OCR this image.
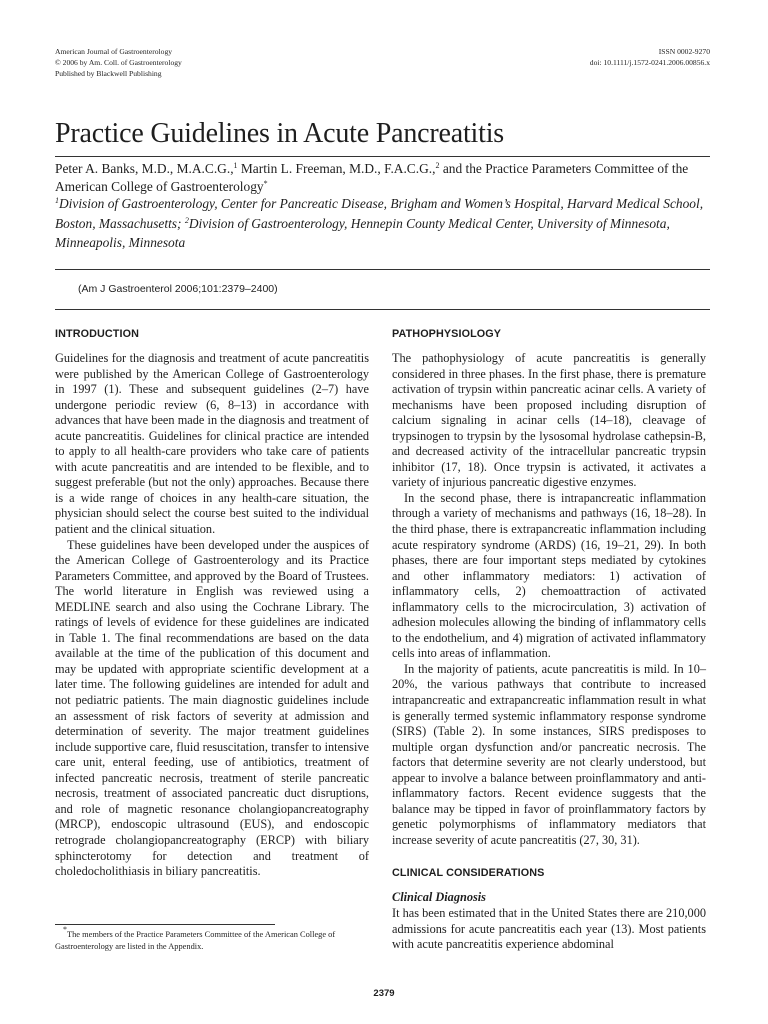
American Journal of Gastroenterology
© 2006 by Am. Coll. of Gastroenterology
Published by Blackwell Publishing
ISSN 0002-9270
doi: 10.1111/j.1572-0241.2006.00856.x
Practice Guidelines in Acute Pancreatitis
Peter A. Banks, M.D., M.A.C.G.,$^1$ Martin L. Freeman, M.D., F.A.C.G.,$^2$ and the Practice Parameters Committee of the American College of Gastroenterology*
$^1$Division of Gastroenterology, Center for Pancreatic Disease, Brigham and Women’s Hospital, Harvard Medical School, Boston, Massachusetts; $^2$Division of Gastroenterology, Hennepin County Medical Center, University of Minnesota, Minneapolis, Minnesota
(Am J Gastroenterol 2006;101:2379–2400)
INTRODUCTION

Guidelines for the diagnosis and treatment of acute pancreatitis were published by the American College of Gastroenterology in 1997 (1). These and subsequent guidelines (2–7) have undergone periodic review (6, 8–13) in accordance with advances that have been made in the diagnosis and treatment of acute pancreatitis. Guidelines for clinical practice are intended to apply to all health-care providers who take care of patients with acute pancreatitis and are intended to be flexible, and to suggest preferable (but not the only) approaches. Because there is a wide range of choices in any health-care situation, the physician should select the course best suited to the individual patient and the clinical situation.

These guidelines have been developed under the auspices of the American College of Gastroenterology and its Practice Parameters Committee, and approved by the Board of Trustees. The world literature in English was reviewed using a MEDLINE search and also using the Cochrane Library. The ratings of levels of evidence for these guidelines are indicated in Table 1. The final recommendations are based on the data available at the time of the publication of this document and may be updated with appropriate scientific development at a later time. The following guidelines are intended for adult and not pediatric patients. The main diagnostic guidelines include an assessment of risk factors of severity at admission and determination of severity. The major treatment guidelines include supportive care, fluid resuscitation, transfer to intensive care unit, enteral feeding, use of antibiotics, treatment of infected pancreatic necrosis, treatment of sterile pancreatic necrosis, treatment of associated pancreatic duct disruptions, and role of magnetic resonance cholangiopancreatography (MRCP), endoscopic ultrasound (EUS), and endoscopic retrograde cholangiopancreatography (ERCP) with biliary sphincterotomy for detection and treatment of choledocholithiasis in biliary pancreatitis.

PATHOPHYSIOLOGY

The pathophysiology of acute pancreatitis is generally considered in three phases. In the first phase, there is premature activation of trypsin within pancreatic acinar cells. A variety of mechanisms have been proposed including disruption of calcium signaling in acinar cells (14–18), cleavage of trypsinogen to trypsin by the lysosomal hydrolase cathepsin-B, and decreased activity of the intracellular pancreatic trypsin inhibitor (17, 18). Once trypsin is activated, it activates a variety of injurious pancreatic digestive enzymes.

In the second phase, there is intrapancreatic inflammation through a variety of mechanisms and pathways (16, 18–28). In the third phase, there is extrapancreatic inflammation including acute respiratory syndrome (ARDS) (16, 19–21, 29). In both phases, there are four important steps mediated by cytokines and other inflammatory mediators: 1) activation of inflammatory cells, 2) chemoattraction of activated inflammatory cells to the microcirculation, 3) activation of adhesion molecules allowing the binding of inflammatory cells to the endothelium, and 4) migration of activated inflammatory cells into areas of inflammation.

In the majority of patients, acute pancreatitis is mild. In 10–20%, the various pathways that contribute to increased intrapancreatic and extrapancreatic inflammation result in what is generally termed systemic inflammatory response syndrome (SIRS) (Table 2). In some instances, SIRS predisposes to multiple organ dysfunction and/or pancreatic necrosis. The factors that determine severity are not clearly understood, but appear to involve a balance between proinflammatory and anti-inflammatory factors. Recent evidence suggests that the balance may be tipped in favor of proinflammatory factors by genetic polymorphisms of inflammatory mediators that increase severity of acute pancreatitis (27, 30, 31).

CLINICAL CONSIDERATIONS
Clinical Diagnosis

It has been estimated that in the United States there are 210,000 admissions for acute pancreatitis each year (13). Most patients with acute pancreatitis experience abdominal

*The members of the Practice Parameters Committee of the American College of Gastroenterology are listed in the Appendix.
2379
